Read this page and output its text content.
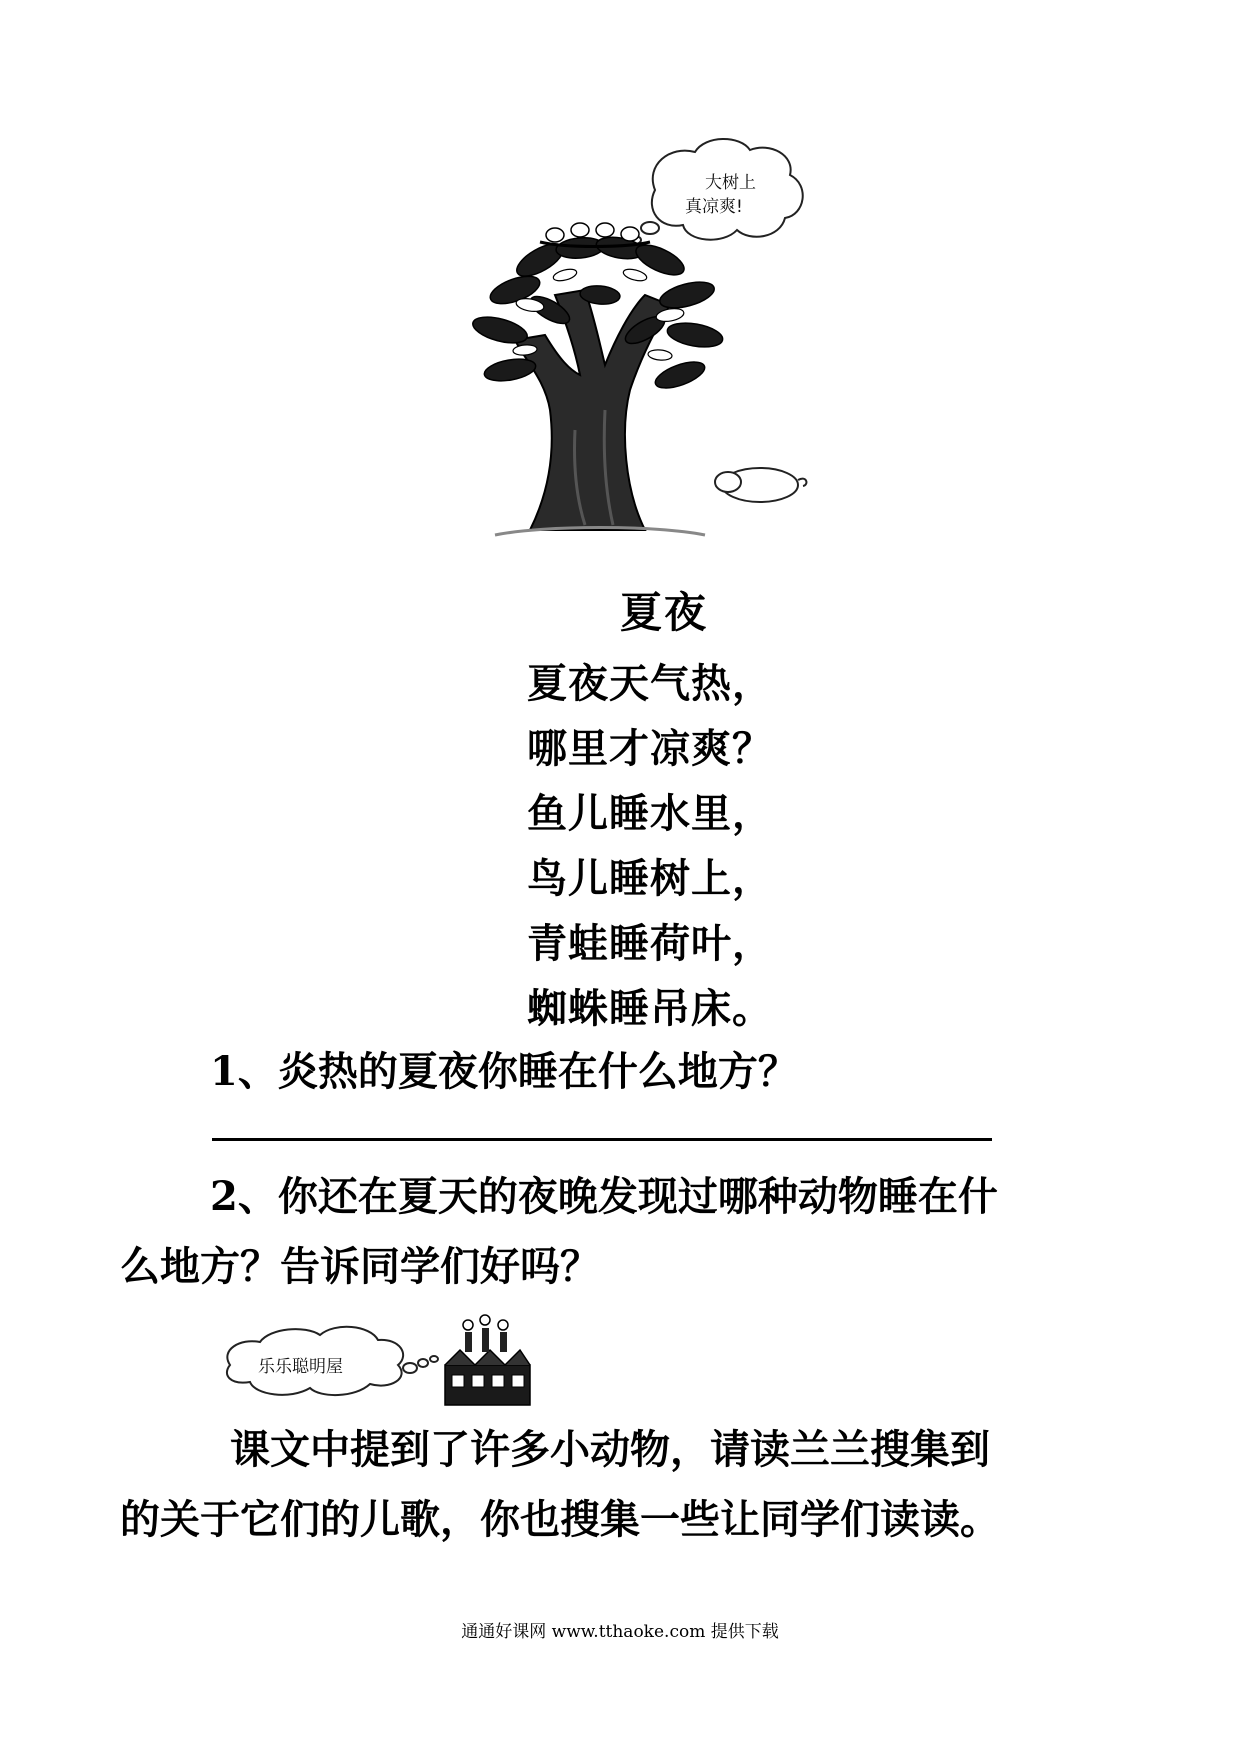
大树上
真凉爽!
夏夜
夏夜天气热，
哪里才凉爽？
鱼儿睡水里，
鸟儿睡树上，
青蛙睡荷叶，
蜘蛛睡吊床。
1、炎热的夏夜你睡在什么地方？
2、你还在夏天的夜晚发现过哪种动物睡在什
么地方？告诉同学们好吗？
乐乐聪明屋
课文中提到了许多小动物，请读兰兰搜集到
的关于它们的儿歌，你也搜集一些让同学们读读。
通通好课网 www.tthaoke.com 提供下载
